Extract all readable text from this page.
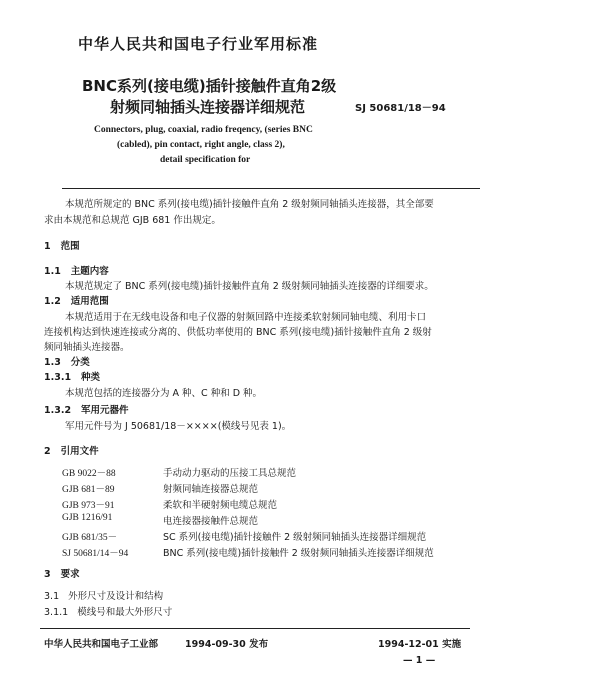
中华人民共和国电子行业军用标准
BNC系列(接电缆)插针接触件直角2级
射频同轴插头连接器详细规范	SJ 50681/18－94
Connectors, plug, coaxial, radio freqency, (series BNC
(cabled), pin contact, right angle, class 2),
detail specification for
本规范所规定的 BNC 系列(接电缆)插针接触件直角 2 级射频同轴插头连接器，其全部要
求由本规范和总规范 GJB 681 作出规定。
1 范围
1.1 主题内容
本规范规定了 BNC 系列(接电缆)插针接触件直角 2 级射频同轴插头连接器的详细要求。
1.2 适用范围
本规范适用于在无线电设备和电子仪器的射频回路中连接柔软射频同轴电缆、利用卡口
连接机构达到快速连接或分离的、供低功率使用的 BNC 系列(接电缆)插针接触件直角 2 级射
频同轴插头连接器。
1.3 分类
1.3.1 种类
本规范包括的连接器分为 A 种、C 种和 D 种。
1.3.2 军用元器件
军用元件号为 J 50681/18－××××(模线号见表 1)。
2 引用文件
GB 9022－88	手动动力驱动的压接工具总规范
GJB 681－89	射频同轴连接器总规范
GJB 973－91	柔软和半硬射频电缆总规范
GJB 1216/91	电连接器接触件总规范
GJB 681/35－	SC 系列(接电缆)插针接触件 2 级射频同轴插头连接器详细规范
SJ 50681/14－94	BNC 系列(接电缆)插针接触件 2 级射频同轴插头连接器详细规范
3 要求
3.1 外形尺寸及设计和结构
3.1.1 模线号和最大外形尺寸
中华人民共和国电子工业部	1994-09-30 发布	1994-12-01 实施
— 1 —
